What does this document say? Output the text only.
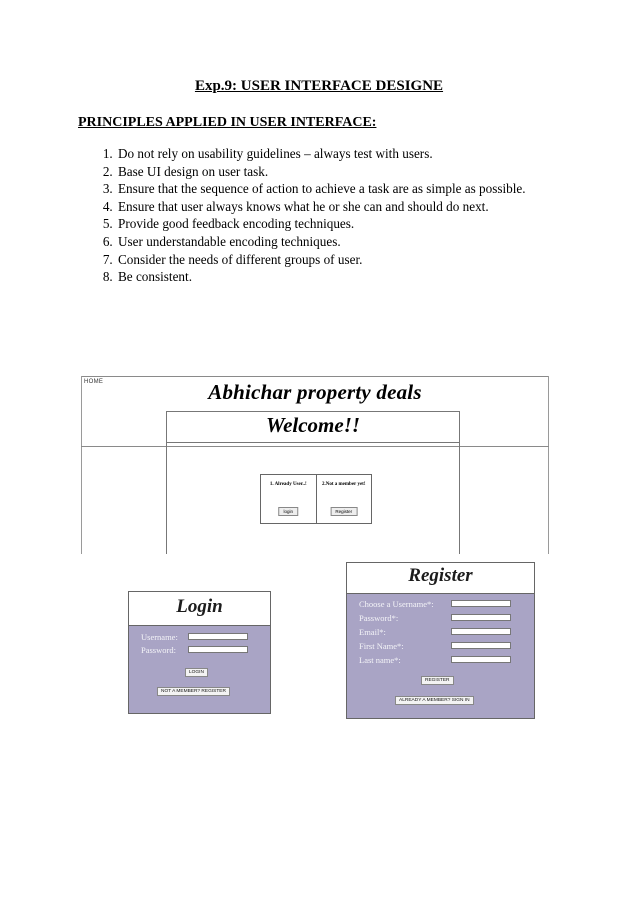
Exp.9: USER INTERFACE DESIGNE
PRINCIPLES APPLIED IN USER INTERFACE:
1. Do not rely on usability guidelines – always test with users.
2. Base UI design on user task.
3. Ensure that the sequence of action to achieve a task are as simple as possible.
4. Ensure that user always knows what he or she can and should do next.
5. Provide good feedback encoding techniques.
6. User understandable encoding techniques.
7. Consider the needs of different groups of user.
8. Be consistent.
HOME	Abhichar property deals
Welcome!!
1. Already User..!
login
2.Not a member yet!
Register
Login
Username:
Password:
LOGIN
NOT A MEMBER? REGISTER
Register
Choose a Username*:
Password*:
Email*:
First Name*:
Last name*:
REGISTER
ALREADY A MEMBER? SIGN IN
